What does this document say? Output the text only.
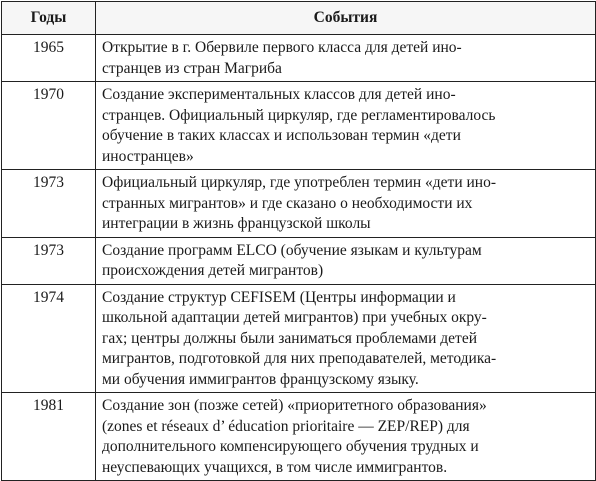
Годы	События
1965	Открытие в г. Обервиле первого класса для детей ино-
странцев из стран Магриба

1970	Создание экспериментальных классов для детей ино-
странцев. Официальный циркуляр, где регламентировалось
обучение в таких классах и использован термин «дети
иностранцев»

1973	Официальный циркуляр, где употреблен термин «дети ино-
странных мигрантов» и где сказано о необходимости их
интеграции в жизнь французской школы

1973	Создание программ ELCO (обучение языкам и культурам
происхождения детей мигрантов)

1974	Создание структур CEFISEM (Центры информации и
школьной адаптации детей мигрантов) при учебных окру-
гах; центры должны были заниматься проблемами детей
мигрантов, подготовкой для них преподавателей, методика-
ми обучения иммигрантов французскому языку.

1981	Создание зон (позже сетей) «приоритетного образования»
(zones et réseaux d’ éducation prioritaire — ZEP/REP) для
дополнительного компенсирующего обучения трудных и
неуспевающих учащихся, в том числе иммигрантов.
